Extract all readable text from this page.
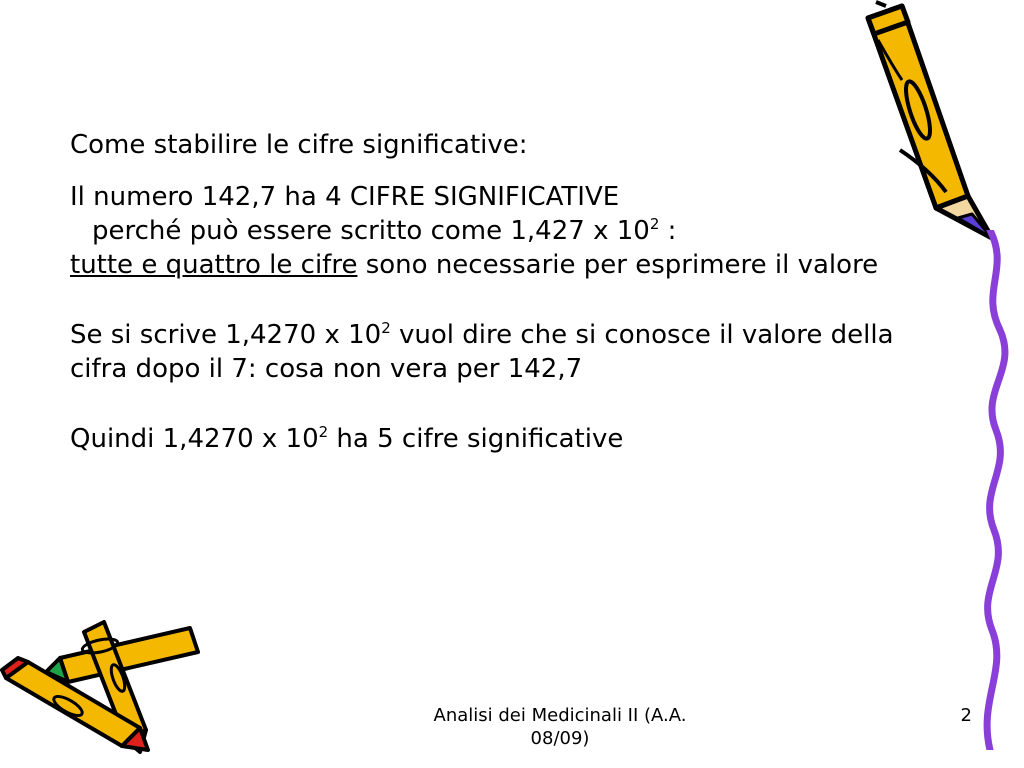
Come stabilire le cifre significative:

Il numero 142,7 ha 4 CIFRE SIGNIFICATIVE

perché può essere scritto come 1,427 x $10^2$ :

tutte e quattro le cifre sono necessarie per esprimere il valore

Se si scrive 1,4270 x $10^2$ vuol dire che si conosce il valore della cifra dopo il 7: cosa non vera per 142,7

Quindi 1,4270 x $10^2$ ha 5 cifre significative

Analisi dei Medicinali II (A.A.
08/09)
2
